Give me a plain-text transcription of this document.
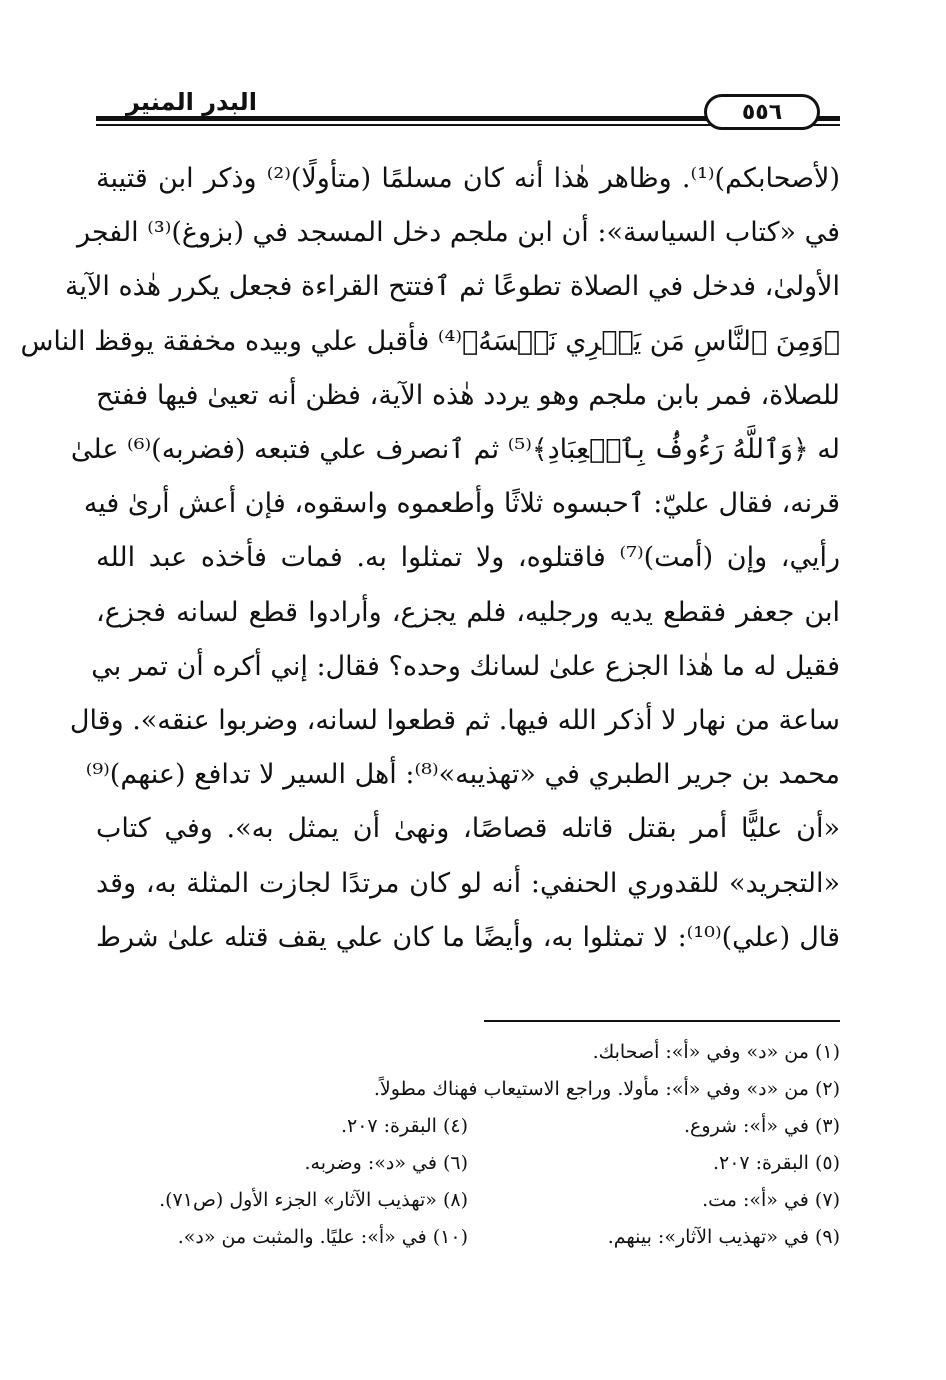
٥٥٦
البدر المنير

(لأصحابكم)⁽¹⁾. وظاهر هٰذا أنه كان مسلمًا (متأولًا)⁽²⁾ وذكر ابن قتيبة

في «كتاب السياسة»: أن ابن ملجم دخل المسجد في (بزوغ)⁽³⁾ الفجر

الأولىٰ، فدخل في الصلاة تطوعًا ثم ٱفتتح القراءة فجعل يكرر هٰذه الآية

﴿وَمِنَ ٱلنَّاسِ مَن يَشۡرِي نَفۡسَهُ﴾⁽⁴⁾ فأقبل علي وبيده مخفقة يوقظ الناس

للصلاة، فمر بابن ملجم وهو يردد هٰذه الآية، فظن أنه تعيىٰ فيها ففتح

له ﴿وَٱللَّهُ رَءُوفُۢ بِٱلۡعِبَادِ﴾⁽⁵⁾ ثم ٱنصرف علي فتبعه (فضربه)⁽⁶⁾ علىٰ

قرنه، فقال عليّ: ٱحبسوه ثلاثًا وأطعموه واسقوه، فإن أعش أرىٰ فيه

رأيي، وإن (أمت)⁽⁷⁾ فاقتلوه، ولا تمثلوا به. فمات فأخذه عبد الله

ابن جعفر فقطع يديه ورجليه، فلم يجزع، وأرادوا قطع لسانه فجزع،

فقيل له ما هٰذا الجزع علىٰ لسانك وحده؟ فقال: إني أكره أن تمر بي

ساعة من نهار لا أذكر الله فيها. ثم قطعوا لسانه، وضربوا عنقه». وقال

محمد بن جرير الطبري في «تهذيبه»⁽⁸⁾: أهل السير لا تدافع (عنهم)⁽⁹⁾

«أن عليًّا أمر بقتل قاتله قصاصًا، ونهىٰ أن يمثل به». وفي كتاب

«التجريد» للقدوري الحنفي: أنه لو كان مرتدًا لجازت المثلة به، وقد

قال (علي)⁽¹⁰⁾: لا تمثلوا به، وأيضًا ما كان علي يقف قتله علىٰ شرط

(١) من «د» وفي «أ»: أصحابك.
(٢) من «د» وفي «أ»: مأولا. وراجع الاستيعاب فهناك مطولاً.
(٣) في «أ»: شروع.
(٤) البقرة: ٢٠٧.
(٥) البقرة: ٢٠٧.
(٦) في «د»: وضربه.
(٧) في «أ»: مت.
(٨) «تهذيب الآثار» الجزء الأول (ص٧١).
(٩) في «تهذيب الآثار»: بينهم.
(١٠) في «أ»: عليًا. والمثبت من «د».
